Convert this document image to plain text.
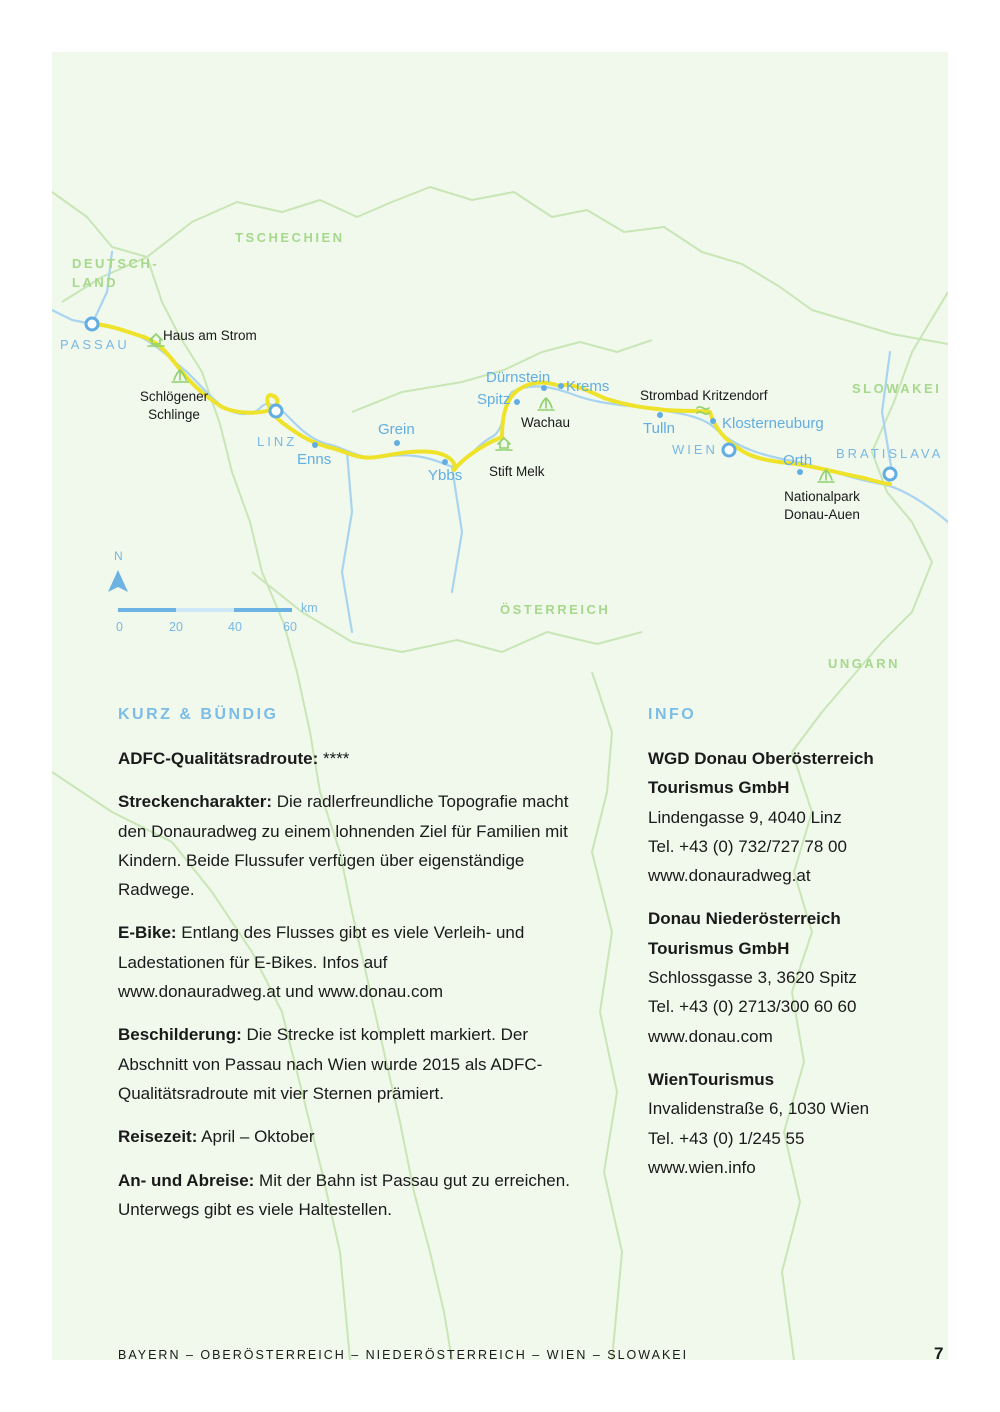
TSCHECHIEN
DEUTSCH-
LAND
SLOWAKEI
ÖSTERREICH
UNGARN
PASSAU
LINZ
WIEN	BRATISLAVA
Enns
Grein
Ybbs
Dürnstein
Spitz
Krems
Tulln	Klosterneuburg
Orth
Haus am Strom
Schlögener
Schlinge
Wachau
Stift Melk
Strombad Kritzendorf
Nationalpark
Donau-Auen
N
km
0	20	40	60
KURZ & BÜNDIG

ADFC-Qualitätsradroute: ****

Streckencharakter: Die radlerfreundliche Topografie macht den Donauradweg zu einem lohnenden Ziel für Familien mit Kindern. Beide Flussufer verfügen über eigenständige Radwege.

E-Bike: Entlang des Flusses gibt es viele Verleih- und Ladestationen für E-Bikes. Infos auf www.donauradweg.at und www.donau.com

Beschilderung: Die Strecke ist komplett markiert. Der Abschnitt von Passau nach Wien wurde 2015 als ADFC-Qualitätsradroute mit vier Sternen prämiert.

Reisezeit: April – Oktober

An- und Abreise: Mit der Bahn ist Passau gut zu erreichen. Unterwegs gibt es viele Haltestellen.

INFO
WGD Donau Oberösterreich
Tourismus GmbH
Lindengasse 9, 4040 Linz
Tel. +43 (0) 732/727 78 00
www.donauradweg.at
Donau Niederösterreich
Tourismus GmbH
Schlossgasse 3, 3620 Spitz
Tel. +43 (0) 2713/300 60 60
www.donau.com
WienTourismus
Invalidenstraße 6, 1030 Wien
Tel. +43 (0) 1/245 55
www.wien.info
BAYERN – OBERÖSTERREICH – NIEDERÖSTERREICH – WIEN – SLOWAKEI	7
